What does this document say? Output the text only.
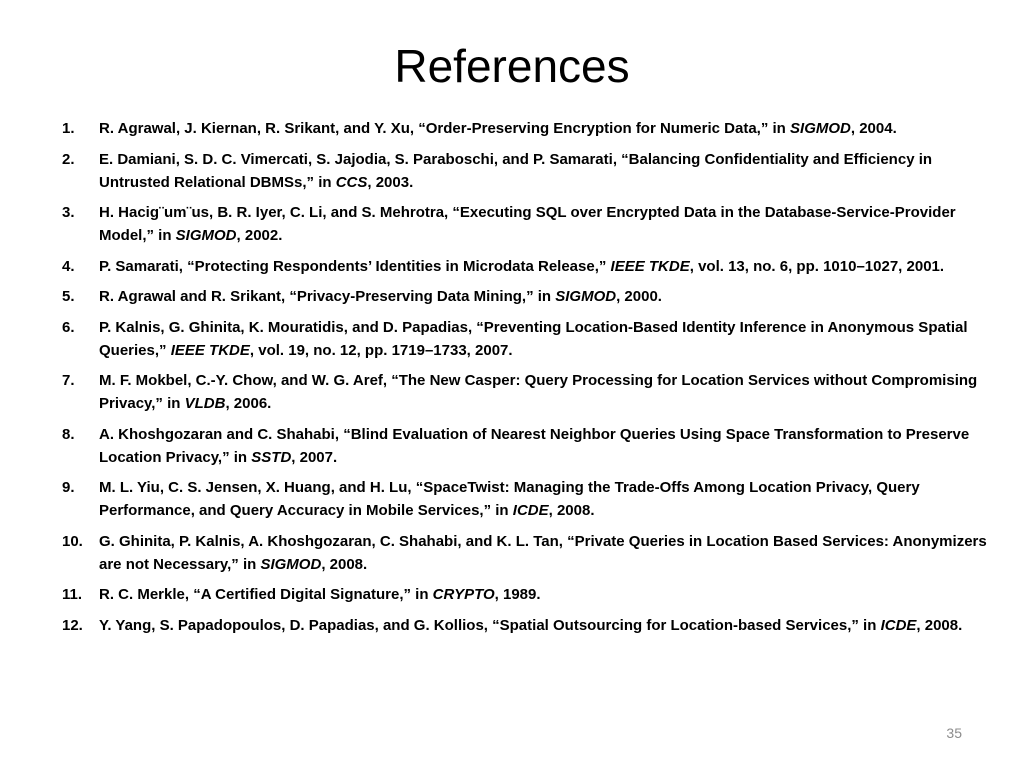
References
1.	R. Agrawal, J. Kiernan, R. Srikant, and Y. Xu, “Order-Preserving Encryption for Numeric Data,” in SIGMOD, 2004.
2.	E. Damiani, S. D. C. Vimercati, S. Jajodia, S. Paraboschi, and P. Samarati, “Balancing Confidentiality and Efficiency in Untrusted Relational DBMSs,” in CCS, 2003.
3.	H. Hacig¨um¨us, B. R. Iyer, C. Li, and S. Mehrotra, “Executing SQL over Encrypted Data in the Database-Service-Provider Model,” in SIGMOD, 2002.
4.	P. Samarati, “Protecting Respondents’ Identities in Microdata Release,” IEEE TKDE, vol. 13, no. 6, pp. 1010–1027, 2001.
5.	R. Agrawal and R. Srikant, “Privacy-Preserving Data Mining,” in SIGMOD, 2000.
6.	P. Kalnis, G. Ghinita, K. Mouratidis, and D. Papadias, “Preventing Location-Based Identity Inference in Anonymous Spatial Queries,” IEEE TKDE, vol. 19, no. 12, pp. 1719–1733, 2007.
7.	M. F. Mokbel, C.-Y. Chow, and W. G. Aref, “The New Casper: Query Processing for Location Services without Compromising Privacy,” in VLDB, 2006.
8.	A. Khoshgozaran and C. Shahabi, “Blind Evaluation of Nearest Neighbor Queries Using Space Transformation to Preserve Location Privacy,” in SSTD, 2007.
9.	M. L. Yiu, C. S. Jensen, X. Huang, and H. Lu, “SpaceTwist: Managing the Trade-Offs Among Location Privacy, Query Performance, and Query Accuracy in Mobile Services,” in ICDE, 2008.
10.	G. Ghinita, P. Kalnis, A. Khoshgozaran, C. Shahabi, and K. L. Tan, “Private Queries in Location Based Services: Anonymizers are not Necessary,” in SIGMOD, 2008.
11.	R. C. Merkle, “A Certified Digital Signature,” in CRYPTO, 1989.
12.	Y. Yang, S. Papadopoulos, D. Papadias, and G. Kollios, “Spatial Outsourcing for Location-based Services,” in ICDE, 2008.
35
